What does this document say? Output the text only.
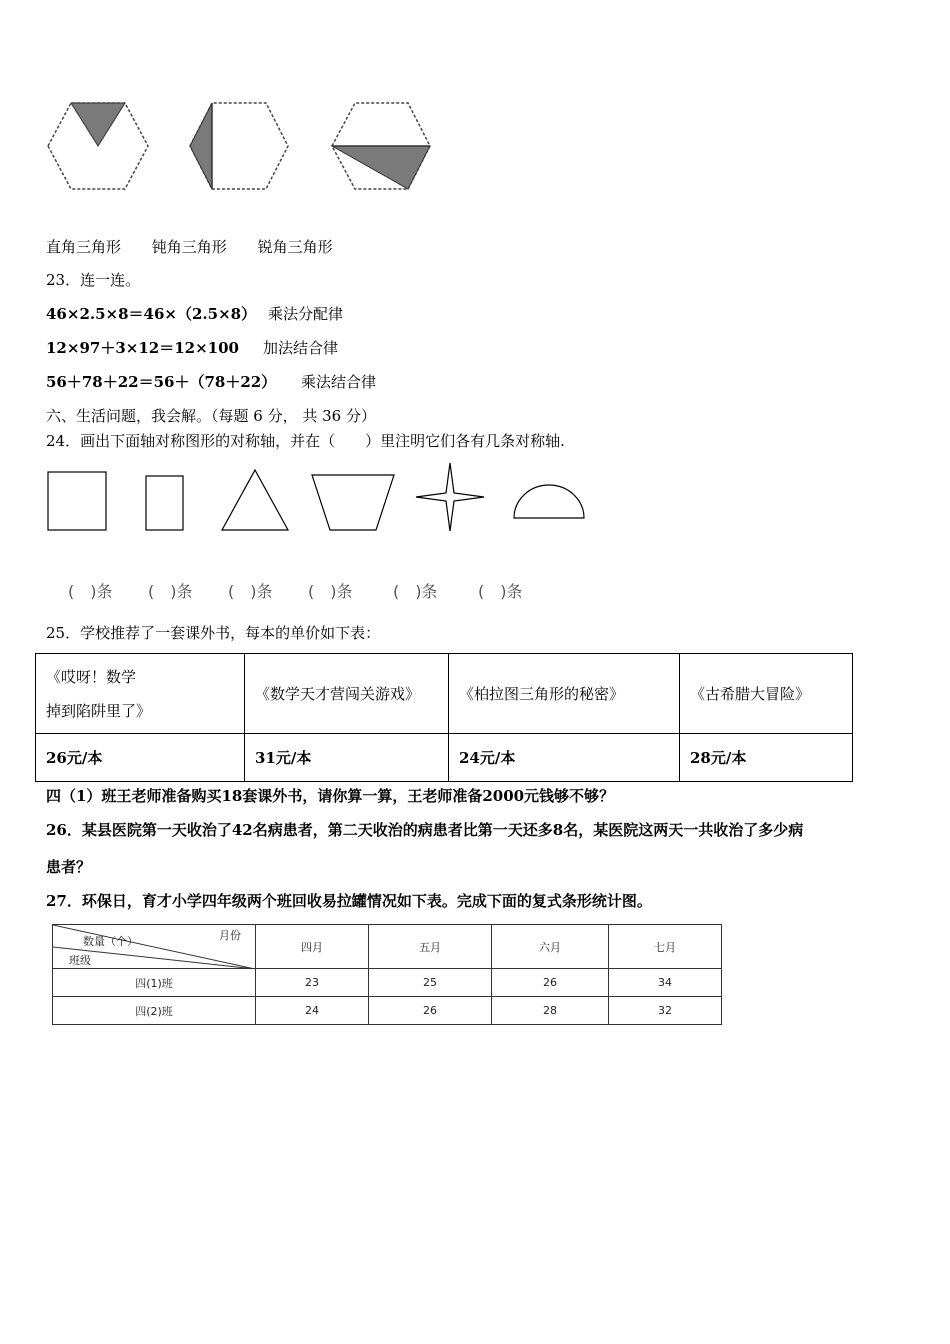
直角三角形 钝角三角形 锐角三角形
23．连一连。
46×2.5×8＝46×（2.5×8） 乘法分配律
12×97＋3×12＝12×100 加法结合律
56＋78＋22＝56＋（78＋22） 乘法结合律
六、生活问题，我会解。（每题 6 分， 共 36 分）
24．画出下面轴对称图形的对称轴，并在（　　）里注明它们各有几条对称轴.
(　)条 (　)条 (　)条 (　)条	(　)条	(　)条
25．学校推荐了一套课外书，每本的单价如下表：
《哎呀！数学
掉到陷阱里了》	《数学天才营闯关游戏》	《柏拉图三角形的秘密》	《古希腊大冒险》
26元/本	31元/本	24元/本	28元/本
四（1）班王老师准备购买18套课外书，请你算一算，王老师准备2000元钱够不够？
26．某县医院第一天收治了42名病患者，第二天收治的病患者比第一天还多8名，某医院这两天一共收治了多少病
患者？
27．环保日，育才小学四年级两个班回收易拉罐情况如下表。完成下面的复式条形统计图。
月份
数量（个）
班级	四月	五月	六月	七月
四(1)班	23	25	26	34
四(2)班	24	26	28	32
